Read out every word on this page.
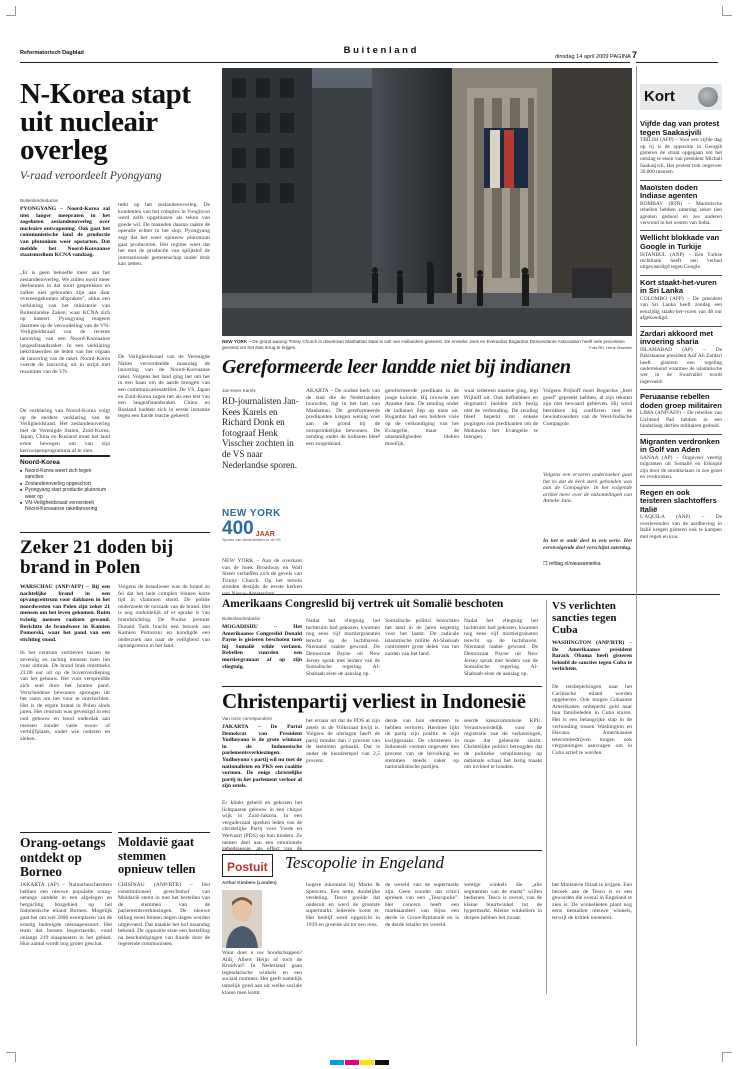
Reformatorisch Dagblad	B u i t e n l a n d
dinsdag 14 april 2009 PAGINA 7
N-Korea stapt uit nucleair overleg
V-raad veroordeelt Pyongyang
Buitenlandredactie
PYONGYANG – Noord-Korea zal niet langer meepraten in het zogeheten zeslandenoverleg over nucleaire ontwapening. Ook gaat het communistische land de productie van plutonium weer opstarten. Dat meldde het Noord-Koreaanse staatsmedium KCNA vandaag.
„Er is geen behoefte meer aan het zeslandenoverleg. We zullen nooit meer deelnemen in dat soort gesprekken en zullen niet gebonden zijn aan daar overeengekomen afspraken”, aldus een verklaring van het ministerie van Buitenlandse Zaken, waar KCNA zich op baseert. Pyongyang reageert daarmee op de veroordeling van de VN-Veiligheidsraad van de recente lancering van een Noord-Koreaanse langeafstandsraket. In een verklaring bekritiseerden de leden van het orgaan de lancering van de raket. Noord-Korea voerde de lancering uit in strijd met resoluties van de VN.
De verklaring van Noord-Korea volgt op de eerdere verklaring van de Veiligheidsraad. Het zeslandenoverleg met de Verenigde Staten, Zuid-Korea, Japan, China en Rusland moet het land ertoe bewegen om van zijn kernwapenprogramma af te zien.
Noord-Korea
■ Noord-Korea weert zich tegen sancties
■ Zeslandenoverleg opgeschort
■ Pyongyang start productie plutonium weer op
■ VN-Veiligheidsraad veroordeelt Noord-Koreaanse raketlancering
retkt op het zeslandenoverleg. De kondenten van het complex in Yongbyon werd zelfs opgeblazen als teken van goede wil. De maanden daarna raakte de operatie echter in het slop. Pyongyang zegt dat het weer opnieuw plutonium gaat produceren. Het regime weet dat het met de productie van splijtstof de internationale gemeenschap onder druk kan zetten.
De Veiligheidsraad van de Verenigde Naties veroordeelde maandag de lancering van de Noord-Koreaanse raket. Volgens het land ging het om het in een baan om de aarde brengen van een communicatiesatelliet. De VS, Japan en Zuid-Korea zagen het als een test van een langeafstandsraket. China en Rusland hadden zich in eerste instantie tegen een harde reactie gekeerd.
NEW YORK – De grond waarop Trinity Church in downtown Manhattan staat is ooit van Hollanders geweest. De Annieke Jans en Everardus Bogardus Descendants Association heeft vele processen gevoerd om het stuk terug te krijgen.	Foto RD, Henk Visscher
Gereformeerde leer landde niet bij indianen
Jan-Kees Karels
RD-journalisten Jan-Kees Karels en Richard Donk en fotograaf Henk Visscher zochten in de VS naar Nederlandse sporen.
NEW YORK
400 JAAR
Sporen van Nederlanders in de VS
NEW YORK – Aan de overkant van de hoek Broadway en Wall Street verheffen zich de gevels van Trinity Church. Op het terrein stonden destijds de eerste kerken van Nieuw-Amsterdam.
AKARTA – De oudste kerk van de stad die de Nederlanders bouwden, ligt in het hart van Manhattan. De gereformeerde predikanten kregen weinig voet aan de grond bij de oorspronkelijke bewoners. De zending onder de indianen bleef een zorgenkind.
gereformeerde predikant in de jonge kolonie. Hij trouwde met Anneke Jans. De zending onder de indianen liep op niets uit. Bogardus had een heldere visie op de verkondiging van het Evangelie, maar de omstandigheden bleken moeilijk.
waar iedereen naartoe ging, legt Prijhoff uit. Ook liefhebbers en dogmatici hielden zich bezig met de verhouding. De zending bleef beperkt tot enkele pogingen van predikanten om de Mohawks het Evangelie te brengen.
Volgens Prijhoff moet Bogardus „heel goed” gepreekt hebben, al zijn teksten zijn niet bewaard gebleven. Hij werd betrokken bij conflicten met de bewindvoerders van de West-Indische Compagnie.
Volgens een ervaren onderzoeker gaat het zo dat de kerk sterk gebonden was aan de Compagnie. In het volgende artikel meer over de nakomelingen van Anneke Jans.
In het te onde deel in een serie. Het eerstvolgende deel verschijnt zaterdag.
❐ refdag.nl/nieuwamerika
Zeker 21 doden bij brand in Polen
WARSCHAU (ANP/AFP) – Bij een nachtelijke brand in een opvangcentrum voor daklozen in het noordwesten van Polen zijn zeker 21 mensen om het leven gekomen. Ruim twintig mensen raakten gewond. Berichtte de brandweer in Kamien Pomorski, waar het pand van een stichting stond.
In het centrum verbleven tussen de zeventig en tachtig mensen toen het vuur uitbrak. De brand brak omstreeks 21.00 uur uit op de bovenverdieping van het gebouw. Het vuur verspreidde zich snel door het houten pand. Verscheidene bewoners sprongen uit het raam om het vuur te ontvluchten. Het is de ergste brand in Polen sinds jaren. Het centrum was gevestigd in een oud gebouw en bood onderdak aan mensen zonder vaste woon- of verblijfplaats, onder wie ouderen en zieken.
Volgens de brandweer was de brand zo fel dat het hele complex binnen korte tijd in vlammen stond. De politie onderzoekt de oorzaak van de brand. Het is nog onduidelijk of er sprake is van brandstichting. De Poolse premier Donald Tusk bracht een bezoek aan Kamien Pomorski en kondigde een onderzoek aan naar de veiligheid van opvangcentra in het land.
Orang-oetangs ontdekt op Borneo
JAKARTA (AP) – Natuurbeschermers hebben een nieuwe populatie orang-oetangs ontdekt in een afgelegen en bergachtig bosgebied op het Indonesische eiland Borneo. Mogelijk gaat het om wel 2000 exemplaren van de ernstig bedreigde mensapensoort. Het team dat bossen inspecteerde, vond onlangs 219 slaapnesten in het gebied. Hun aantal wordt nog groter geschat.
Moldavië gaat stemmen opnieuw tellen
CHISINAU (ANP/RTR) – Het constitutioneel gerechtshof van Moldavië stemt in met het hertellen van de stemmen van de parlementsverkiezingen. De nieuwe telling moet binnen negen dagen worden uitgevoerd. Dat maakte het hof maandag bekend. De oppositie eiste een hertelling na beschuldigingen van fraude door de regerende communisten.
Amerikaans Congreslid bij vertrek uit Somalië beschoten
Buitenlandredactie
MOGADISHU – Het Amerikaanse Congreslid Donald Payne is gisteren beschoten toen hij Somalië wilde verlaten. Rebellen vuurden een mortiergranaat af op zijn vliegtuig.
Nadat het vliegtuig het luchtruim had gekozen, kwamen nog eens vijf mortiergranaten terecht op de luchthaven. Niemand raakte gewond. De Democraat Payne uit New Jersey sprak met leiders van de Somalische regering. Al-Shabaab eiste de aanslag op.
Somalische politici bezochten het land in de jaren negentig voor het laatst. De radicale islamitische militie Al-Shabaab controleert grote delen van het zuiden van het land.
Nadat het vliegtuig het luchtruim had gekozen, kwamen nog eens vijf mortiergranaten terecht op de luchthaven. Niemand raakte gewond. De Democraat Payne uit New Jersey sprak met leiders van de Somalische regering. Al-Shabaab eiste de aanslag op.
VS verlichten sancties tegen Cuba
WASHINGTON (ANP/RTR) – De Amerikaanse president Barack Obama heeft gisteren beloofd de sancties tegen Cuba te verlichten.
De reisbeperkingen naar het Caribische eiland worden opgeheven. Ook mogen Cubaanse Amerikanen onbeperkt geld naar hun familieleden in Cuba sturen. Het is een belangrijke stap in de verhouding tussen Washington en Havana. Amerikaanse telecombedrijven mogen ook vergunningen aanvragen om in Cuba actief te worden.
Christenpartij verliest in Indonesië
Van onze correspondent
JAKARTA – De Partai Demokrat van President Yudhoyono is de grote winnaar in de Indonesische parlementsverkiezingen. Yudhoyono's partij wil nu met de nationalisten en PKS een coalitie vormen. De enige christelijke partij in het parlement verloor al zijn zetels.
Er klinkt gebeld en gekozen het lichtpaarse gebouw in een chique wijk in Zuid-Jakarta. In een vergaderzaal spreken leden van de christelijke Partij voor Vrede en Welvaart (PDS) op hun kinders. Ze nemen deel aan een emotionele gebedssessie, als effect van de
het ernaar uit dat de PDS al zijn zetels in de Volksraad kwijt is. Volgens de uitslagen heeft de partij minder dan 2 procent van de stemmen gehaald. Dat is onder de kiesdrempel van 2,5 procent.
derde van hun stemmen te hebben verloren. Hiermee lijkt de partij zijn positie te zijn kwijtgeraakt. De christenen in Indonesië vormen ongeveer tien procent van de bevolking en stemmen steeds vaker op nationalistische partijen.
seerde kieszcommissie KPU. Verantwoordelijk voor de registratie van de verkiezingen, maar dat gebeurde slecht. Christelijke politici betoogden dat de politieke versplintering op nationale schaal het lastig maakt om invloed te houden.
Postuit Tescopolie in Engeland
Arthur Kimbers (Londen)
Waar doet u uw boodschappen? Aldi, Albert Heijn of toch de Kruidvat? In Nederland gaan legendarische winkels en een sociaal nummer. Het geeft namelijk tamelijk goed aan uit welke sociale klasse men komt.
hogere inkomens bij Marks & Spencers. Een nette, duidelijke verdeling. Tesco gooide dat onderuit en werd de grootste supermarkt. Iedereen komt er. Het bedrijf werd opgericht in 1919 en groeide uit tot een reus.
de wereld van de supermarkt zijn. Geen wonder dat critici spreken van een „Tescopolie”. Het concern heeft een marktaandeel van bijna een derde in Groot-Brittannië en is de derde retailer ter wereld.
wettige winkels die „alle segmenten van de markt” willen bedienen. Tesco is overal, van de kleine buurtwinkel tot de hypermarkt. Kleine winkeliers in dorpen hebben het zwaar.
het Ministerie filiaal te krijgen. Een bezoek aan de Tesco is er een geworden die overal in Engeland te zien is. De winkelketen plant nog eens tientallen nieuwe winkels, terwijl de kritiek toeneemt.
Kort
Vijfde dag van protest tegen Saakasjvili
TBILISI (AFP) – Voor een vijfde dag op rij is de oppositie in Georgië gisteren de straat opgegaan om het ontslag te eisen van president Michail Saakasjvili. Het protest trok ongeveer 30.000 mensen.
Maoïsten doden Indiase agenten
BOMBAY (RTR) – Maoïstische rebellen hebben zaterdag zeker tien agenten gedood en zes anderen verwond in het oosten van India.
Wellicht blokkade van Google in Turkije
ISTANBUL (ANP) – Een Turkse rechtbank heeft een verbod uitgevaardigd tegen Google.
Kort staakt-het-vuren in Sri Lanka
COLOMBO (AFP) – De president van Sri Lanka heeft zondag een eenzijdig staakt-het-vuren van 48 uur afgekondigd.
Zardari akkoord met invoering sharia
ISLAMABAD (AP) – De Pakistaanse president Asif Ali Zardari heeft gisteren een regeling ondertekend waarmee de islamitische wet in de Swatvallei wordt ingevoerd.
Peruaanse rebellen doden groep militairen
LIMA (ANP/AFP) – De rebellen van Lichtend Pad hebben in een hinderlaag dertien militairen gedood.
Migranten verdronken in Golf van Aden
SANAA (AP) – Ongeveer veertig migranten uit Somalië en Ethiopië zijn door de smokkelaars in zee gezet en verdronken.
Regen en ook teisteren slachtoffers Italië
L'AQUILA (ANP) – De overlevenden van de aardbeving in Italië kregen gisteren ook te kampen met regen en kou.
